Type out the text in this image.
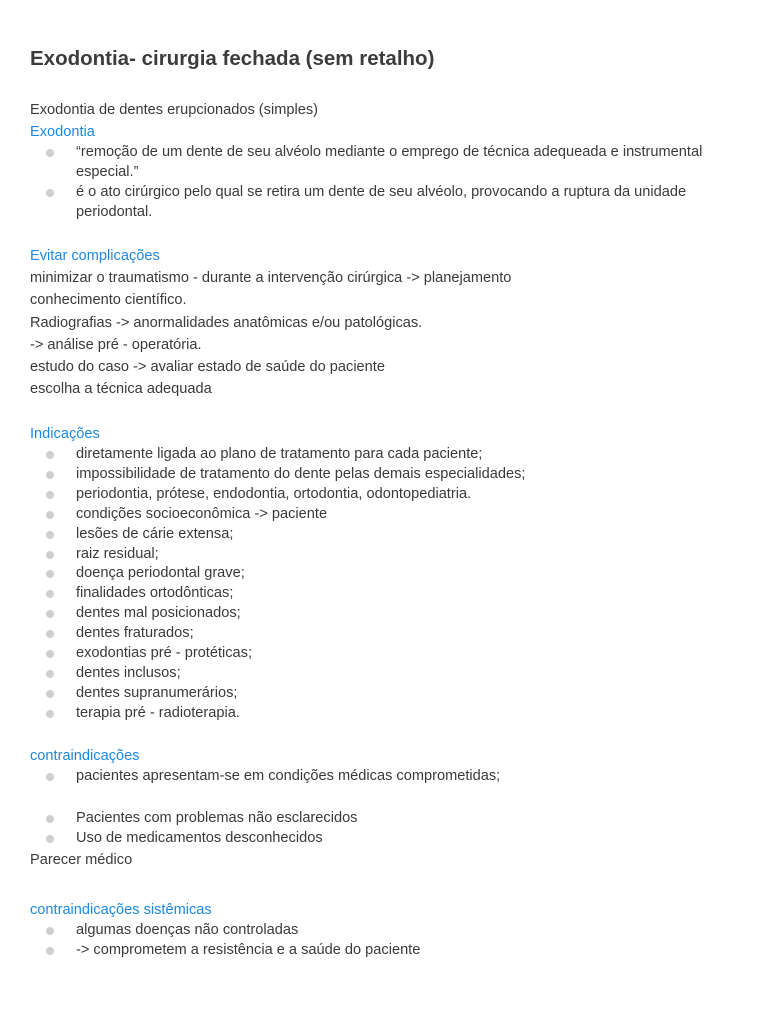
Exodontia- cirurgia fechada (sem retalho)
Exodontia de dentes erupcionados (simples)
Exodontia
“remoção de um dente de seu alvéolo mediante o emprego de técnica adequeada e instrumental especial.”
é o ato cirúrgico pelo qual se retira um dente de seu alvéolo, provocando a ruptura da unidade periodontal.
Evitar complicações
minimizar o traumatismo - durante a intervenção cirúrgica -> planejamento
conhecimento científico.
Radiografias -> anormalidades anatômicas e/ou patológicas.
-> análise pré - operatória.
estudo do caso -> avaliar estado de saúde do paciente
escolha a técnica adequada
Indicações
diretamente ligada ao plano de tratamento para cada paciente;
impossibilidade de tratamento do dente pelas demais especialidades;
periodontia, prótese, endodontia, ortodontia, odontopediatria.
condições socioeconômica -> paciente
lesões de cárie extensa;
raiz residual;
doença periodontal grave;
finalidades ortodônticas;
dentes mal posicionados;
dentes fraturados;
exodontias pré - protéticas;
dentes inclusos;
dentes supranumerários;
terapia pré - radioterapia.
contraindicações
pacientes apresentam-se em condições médicas comprometidas;
Pacientes com problemas não esclarecidos
Uso de medicamentos desconhecidos
Parecer médico
contraindicações sistêmicas
algumas doenças não controladas
-> comprometem a resistência e a saúde do paciente
